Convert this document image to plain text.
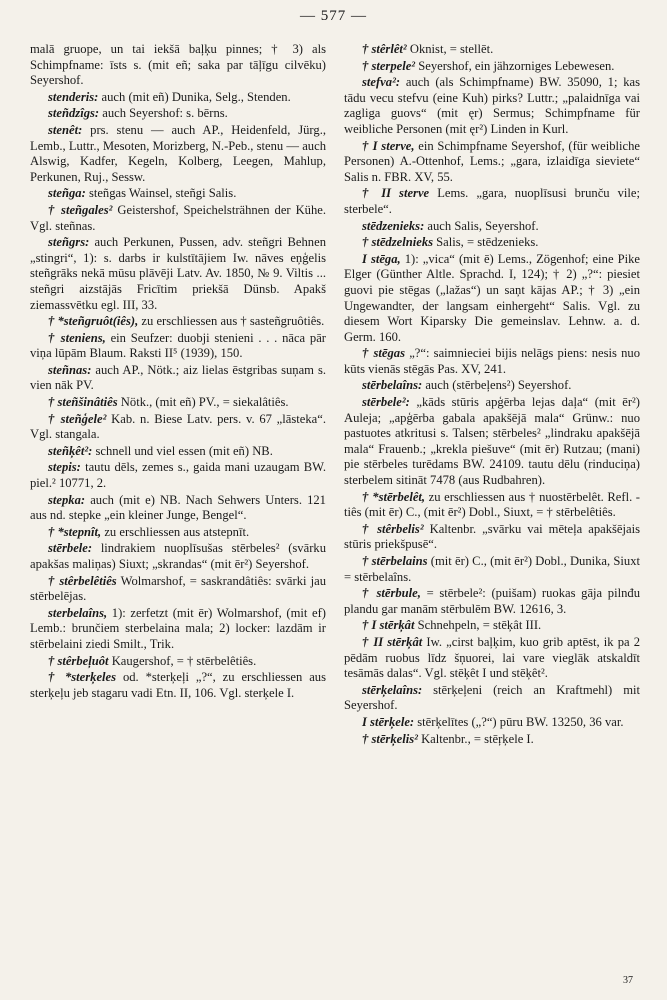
— 577 —

malā gruope, un tai iekšā baļķu pinnes; † 3) als Schimpfname: īsts s. (mit eñ; saka par tāļīgu cilvēku) Seyershof.

stenderis: auch (mit eñ) Dunika, Selg., Stenden.

steñdzîgs: auch Seyershof: s. bērns.

stenêt: prs. stenu — auch AP., Heidenfeld, Jürg., Lemb., Luttr., Mesoten, Morizberg, N.-Peb., stenu — auch Alswig, Kadfer, Kegeln, Kolberg, Leegen, Mahlup, Perkunen, Ruj., Sessw.

steñga: steñgas Wainsel, steñgi Salis.

† steñgales² Geistershof, Speichelsträhnen der Kühe. Vgl. steñnas.

steñgrs: auch Perkunen, Pussen, adv. steñgri Behnen „stingri“, 1): s. darbs ir kulstītājiem Iw. nāves eņģelis steñgrāks nekā mūsu plāvēji Latv. Av. 1850, № 9. Viltis ... steñgri aizstājās Fricītim priekšā Dünsb. Apakš ziemassvētku egl. III, 33.

† *steñgruôt(iês), zu erschliessen aus † sasteñgruôtiês.

† steniens, ein Seufzer: duobji stenieni . . . nāca pār viņa lūpām Blaum. Raksti II⁵ (1939), 150.

steñnas: auch AP., Nötk.; aiz lielas ēstgribas suņam s. vien nāk PV.

† steñšinâtiês Nötk., (mit eñ) PV., = siekalâtiês.

† steñģele² Kab. n. Biese Latv. pers. v. 67 „lāsteka“. Vgl. stangala.

steñķêt²: schnell und viel essen (mit eñ) NB.

stepis: tautu dēls, zemes s., gaida mani uzaugam BW. piel.² 10771, 2.

stepka: auch (mit e) NB. Nach Sehwers Unters. 121 aus nd. stepke „ein kleiner Junge, Bengel“.

† *stepnît, zu erschliessen aus atstepnīt.

stērbele: lindrakiem nuoplīsušas stērbeles² (svārku apakšas maliņas) Siuxt; „skrandas“ (mit ēr²) Seyershof.

† stêrbelêtiês Wolmarshof, = saskrandâtiês: svārki jau stērbelējas.

sterbelaîns, 1): zerfetzt (mit ēr) Wolmarshof, (mit ef) Lemb.: brunčiem sterbelaina mala; 2) locker: lazdām ir stērbelaini ziedi Smilt., Trik.

† stêrbeļuôt Kaugershof, = † stērbelêtiês.

† *sterķeles od. *sterķeļi „?“, zu erschliessen aus sterķeļu jeb stagaru vadi Etn. II, 106. Vgl. sterķele I.

† stêrlêt² Oknist, = stellēt.

† sterpele² Seyershof, ein jähzorniges Lebewesen.

stefva²: auch (als Schimpfname) BW. 35090, 1; kas tādu vecu stefvu (eine Kuh) pirks? Luttr.; „palaidnīga vai zagliga guovs“ (mit ęr) Sermus; Schimpfname für weibliche Personen (mit ęr²) Linden in Kurl.

† I sterve, ein Schimpfname Seyershof, (für weibliche Personen) A.-Ottenhof, Lems.; „gara, izlaidīga sieviete“ Salis n. FBR. XV, 55.

† II sterve Lems. „gara, nuoplīsusi brunču vile; sterbele“.

stēdzenieks: auch Salis, Seyershof.

† stēdzelnieks Salis, = stēdzenieks.

I stēga, 1): „vica“ (mit ē) Lems., Zögenhof; eine Pike Elger (Günther Altle. Sprachd. I, 124); † 2) „?“: piesiet guovi pie stēgas („lažas“) un saņt kājas AP.; † 3) „ein Ungewandter, der langsam einhergeht“ Salis. Vgl. zu diesem Wort Kiparsky Die gemeinslav. Lehnw. a. d. Germ. 160.

† stēgas „?“: saimnieciei bijis nelāgs piens: nesis nuo kūts vienās stēgās Pas. XV, 241.

stērbelaîns: auch (stērbeļens²) Seyershof.

stērbele²: „kāds stūris apģērba lejas daļa“ (mit ēr²) Auleja; „apģērba gabala apakšējā mala“ Grünw.: nuo pastuotes atkritusi s. Talsen; stērbeles² „lindraku apakšējā mala“ Frauenb.; „krekla piešuve“ (mit ēr) Rutzau; (mani) pie stērbeles turēdams BW. 24109. tautu dēlu (rinduciņa) sterbelem sitināt 7478 (aus Rudbahren).

† *stērbelêt, zu erschliessen aus † nuostērbelêt. Refl. -tiês (mit ēr) C., (mit ēr²) Dobl., Siuxt, = † stērbelêtiês.

† stêrbelis² Kaltenbr. „svārku vai mēteļa apakšējais stūris priekšpusē“.

† stērbelains (mit ēr) C., (mit ēr²) Dobl., Dunika, Siuxt = stērbelaîns.

† stērbule, = stērbele²: (puišam) ruokas gāja pilnđu plandu gar manām stērbulēm BW. 12616, 3.

† I stērķât Schnehpeln, = stēķât III.

† II stērķât Iw. „cirst baļķim, kuo grib aptēst, ik pa 2 pēdām ruobus līdz šņuorei, lai vare vieglāk atskaldīt tesāmās dalas“. Vgl. stēķêt I und stēķêt².

stērķelaîns: stērķeļeni (reich an Kraftmehl) mit Seyershof.

I stērķele: stērķelītes („?“) pūru BW. 13250, 36 var.

† stērķelis² Kaltenbr., = stēŗķele I.

37
